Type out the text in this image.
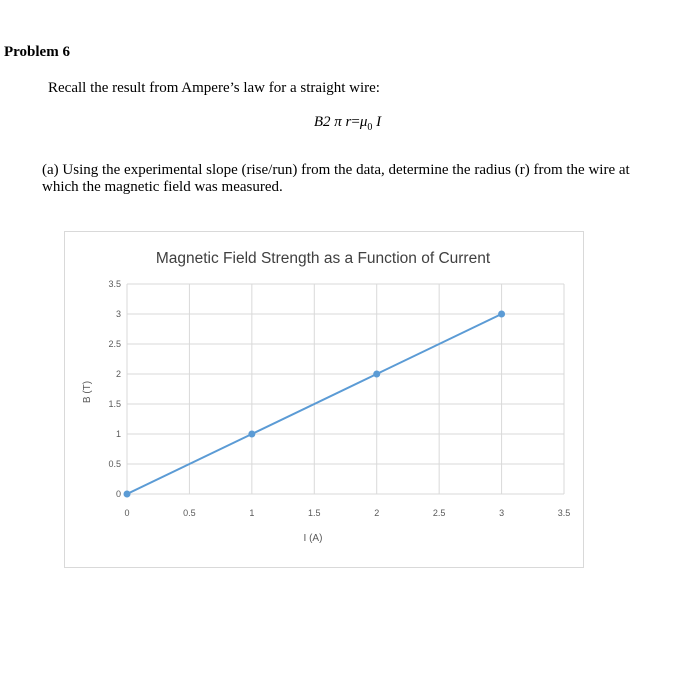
Problem 6
Recall the result from Ampere’s law for a straight wire:
B2 π $r=\mu_0$ I
(a) Using the experimental slope (rise/run) from the data, determine the radius (r) from the wire at which the magnetic field was measured.
0	0.5	1	1.5	2	2.5	3	3.5
0
0.5
1
1.5
2
2.5
3
3.5
Magnetic Field Strength as a Function of Current
I (A)
B (T)
